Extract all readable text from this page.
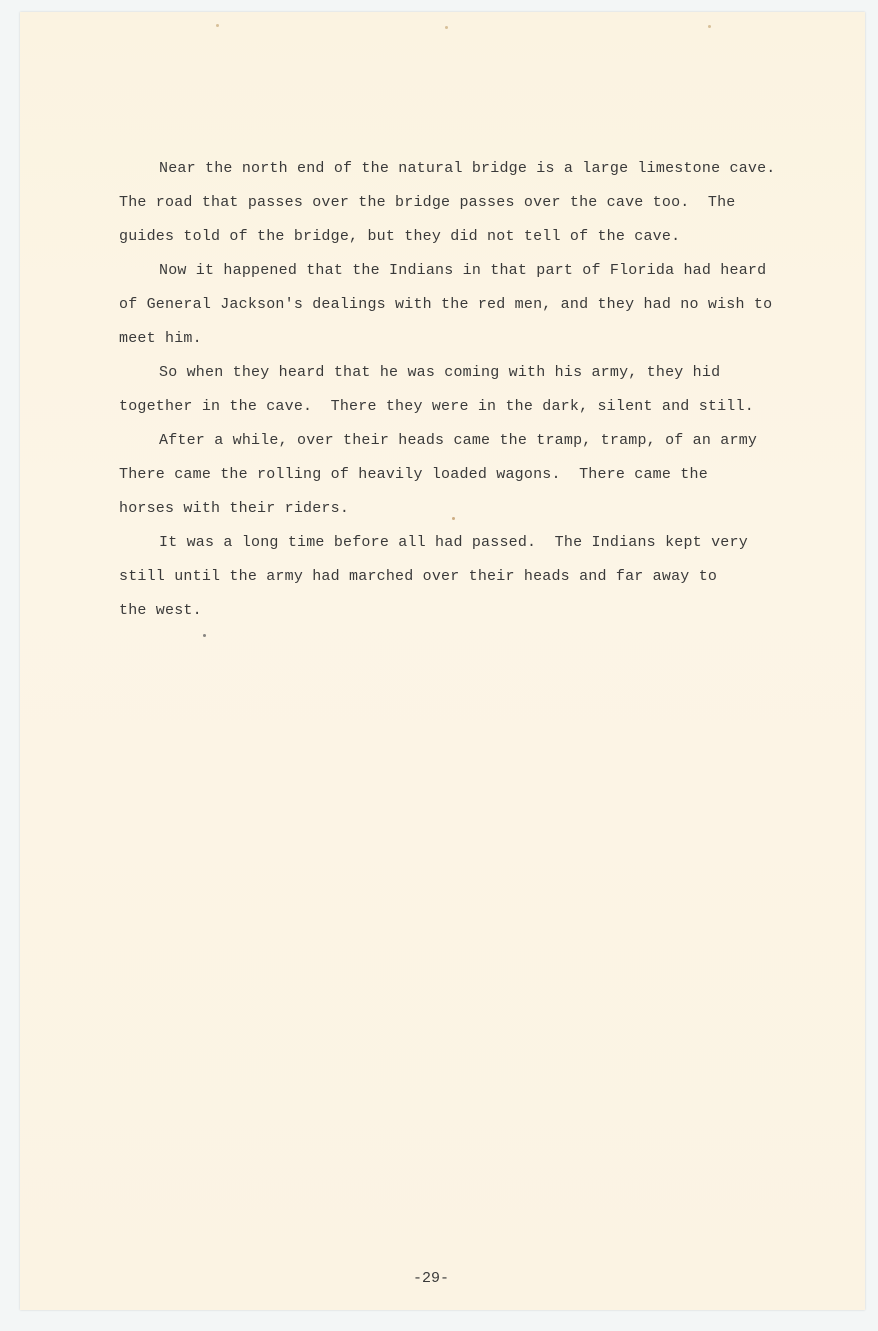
Near the north end of the natural bridge is a large limestone cave.
The road that passes over the bridge passes over the cave too.  The
guides told of the bridge, but they did not tell of the cave.
Now it happened that the Indians in that part of Florida had heard
of General Jackson's dealings with the red men, and they had no wish to
meet him.
So when they heard that he was coming with his army, they hid
together in the cave.  There they were in the dark, silent and still.
After a while, over their heads came the tramp, tramp, of an army
There came the rolling of heavily loaded wagons.  There came the
horses with their riders.
It was a long time before all had passed.  The Indians kept very
still until the army had marched over their heads and far away to
the west.
-29-
